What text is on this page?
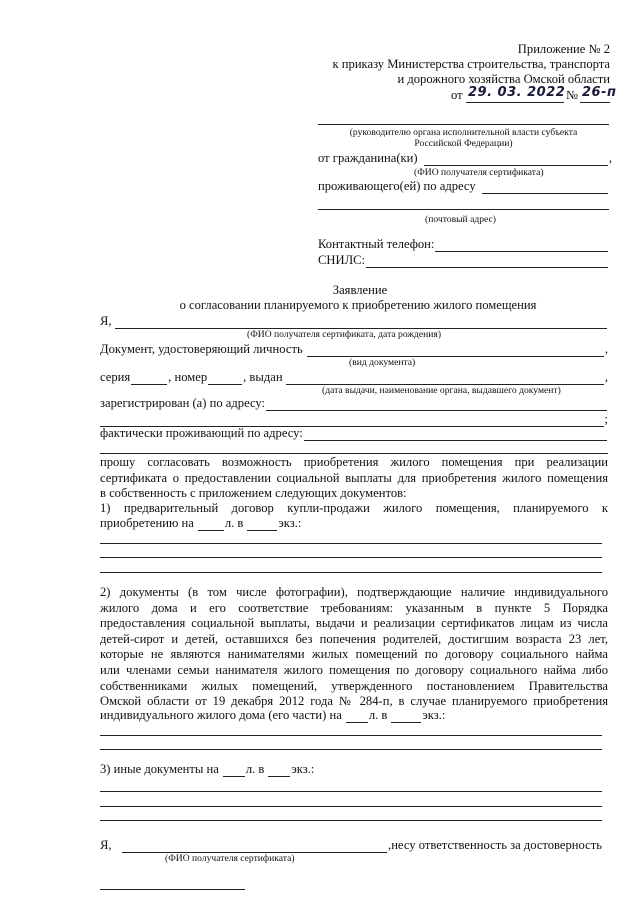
Приложение № 2
к приказу Министерства строительства, транспорта
и дорожного хозяйства Омской области
от 29. 03. 2022 № 26-п
(руководителю органа исполнительной власти субъекта
Российской Федерации)
от гражданина(ки)	,
(ФИО получателя сертификата)
проживающего(ей) по адресу
(почтовый адрес)
Контактный телефон:
СНИЛС:
Заявление
о согласовании планируемого к приобретению жилого помещения
Я,
(ФИО получателя сертификата, дата рождения)
Документ, удостоверяющий личность	,
(вид документа)
серия	, номер	, выдан	,
(дата выдачи, наименование органа, выдавшего документ)
зарегистрирован (а) по адресу:
;
фактически проживающий по адресу:
прошу согласовать возможность приобретения жилого помещения при реализации
сертификата о предоставлении социальной выплаты для приобретения жилого помещения
в собственность с приложением следующих документов:
1) предварительный договор купли-продажи жилого помещения, планируемого к
приобретению на л. в	экз.:
2) документы (в том числе фотографии), подтверждающие наличие индивидуального
жилого дома и его соответствие требованиям: указанным в пункте 5 Порядка
предоставления социальной выплаты, выдачи и реализации сертификатов лицам из числа
детей-сирот и детей, оставшихся без попечения родителей, достигшим возраста 23 лет,
которые не являются нанимателями жилых помещений по договору социального найма
или членами семьи нанимателя жилого помещения по договору социального найма либо
собственниками жилых помещений, утвержденного постановлением Правительства
Омской области от 19 декабря 2012 года № 284-п, в случае планируемого приобретения
индивидуального жилого дома (его части) на л. в	экз.:
3) иные документы на л. в экз.:
Я,	,несу ответственность за достоверность
(ФИО получателя сертификата)
